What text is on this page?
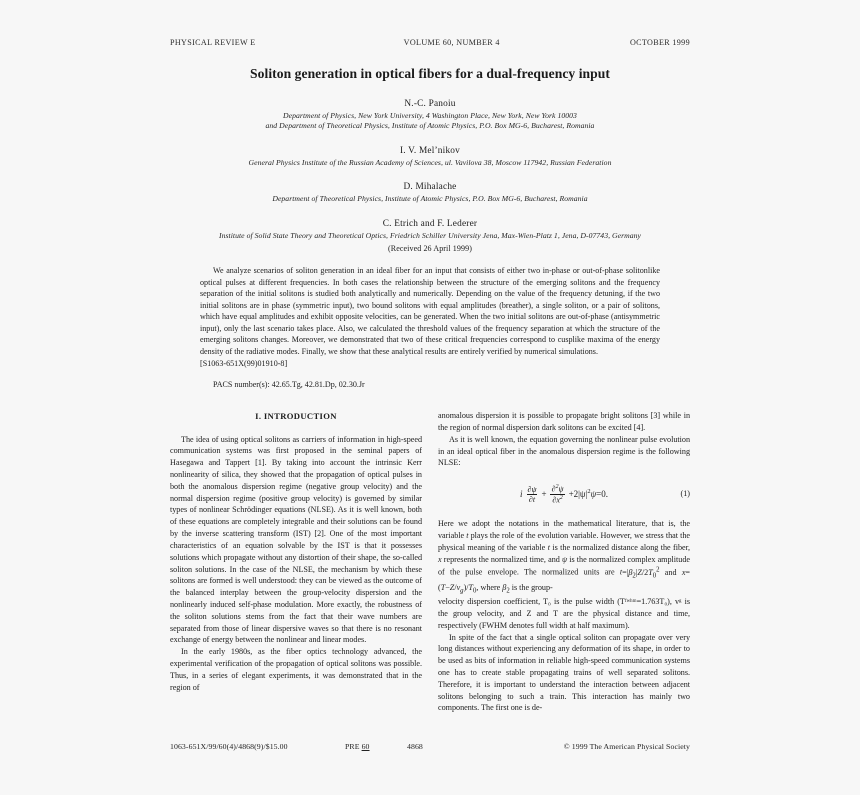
PHYSICAL REVIEW E	VOLUME 60, NUMBER 4	OCTOBER 1999
Soliton generation in optical fibers for a dual-frequency input
N.-C. Panoiu
Department of Physics, New York University, 4 Washington Place, New York, New York 10003
and Department of Theoretical Physics, Institute of Atomic Physics, P.O. Box MG-6, Bucharest, Romania
I. V. Mel’nikov
General Physics Institute of the Russian Academy of Sciences, ul. Vavilova 38, Moscow 117942, Russian Federation
D. Mihalache
Department of Theoretical Physics, Institute of Atomic Physics, P.O. Box MG-6, Bucharest, Romania
C. Etrich and F. Lederer
Institute of Solid State Theory and Theoretical Optics, Friedrich Schiller University Jena, Max-Wien-Platz 1, Jena, D-07743, Germany
(Received 26 April 1999)

We analyze scenarios of soliton generation in an ideal fiber for an input that consists of either two in-phase or out-of-phase solitonlike optical pulses at different frequencies. In both cases the relationship between the structure of the emerging solitons and the frequency separation of the initial solitons is studied both analytically and numerically. Depending on the value of the frequency detuning, if the two initial solitons are in phase (symmetric input), two bound solitons with equal amplitudes (breather), a single soliton, or a pair of solitons, which have equal amplitudes and exhibit opposite velocities, can be generated. When the two initial solitons are out-of-phase (antisymmetric input), only the last scenario takes place. Also, we calculated the threshold values of the frequency separation at which the structure of the emerging solitons changes. Moreover, we demonstrated that two of these critical frequencies correspond to cusplike maxima of the energy density of the radiative modes. Finally, we show that these analytical results are entirely verified by numerical simulations.

[S1063-651X(99)01910-8]

PACS number(s): 42.65.Tg, 42.81.Dp, 02.30.Jr
I. INTRODUCTION

The idea of using optical solitons as carriers of information in high-speed communication systems was first proposed in the seminal papers of Hasegawa and Tappert [1]. By taking into account the intrinsic Kerr nonlinearity of silica, they showed that the propagation of optical pulses in both the anomalous dispersion regime (negative group velocity) and the normal dispersion regime (positive group velocity) is governed by similar types of nonlinear Schrödinger equations (NLSE). As it is well known, both of these equations are completely integrable and their solutions can be found by the inverse scattering transform (IST) [2]. One of the most important characteristics of an equation solvable by the IST is that it possesses solutions which propagate without any distortion of their shape, the so-called soliton solutions. In the case of the NLSE, the mechanism by which these solitons are formed is well understood: they can be viewed as the outcome of the balanced interplay between the group-velocity dispersion and the nonlinearly induced self-phase modulation. More exactly, the robustness of the soliton solutions stems from the fact that their wave numbers are separated from those of linear dispersive waves so that there is no resonant exchange of energy between the nonlinear and linear modes.

In the early 1980s, as the fiber optics technology advanced, the experimental verification of the propagation of optical solitons was possible. Thus, in a series of elegant experiments, it was demonstrated that in the region of

anomalous dispersion it is possible to propagate bright solitons [3] while in the region of normal dispersion dark solitons can be excited [4].

As it is well known, the equation governing the nonlinear pulse evolution in an ideal optical fiber in the anomalous dispersion regime is the following NLSE:

i $\frac{\partial\psi}{\partial t} + \frac{\partial^2\psi}{\partial x^2} +2|\psi|^2\psi=0$.	(1)

Here we adopt the notations in the mathematical literature, that is, the variable t plays the role of the evolution variable. However, we stress that the physical meaning of the variable t is the normalized distance along the fiber, x represents the normalized time, and ψ is the normalized complex amplitude of the pulse envelope. The normalized units are $t=|\beta_2|Z/2T_0^2$ and $x=(T-Z/v_g)/T_0$, where $\beta_2$ is the group-

velocity dispersion coefficient, T₀ is the pulse width (Tᶠʷʰᵐ=1.763T₀), vᵍ is the group velocity, and Z and T are the physical distance and time, respectively (FWHM denotes full width at half maximum).

In spite of the fact that a single optical soliton can propagate over very long distances without experiencing any deformation of its shape, in order to be used as bits of information in reliable high-speed communication systems one has to create stable propagating trains of well separated solitons. Therefore, it is important to understand the interaction between adjacent solitons belonging to such a train. This interaction has mainly two components. The first one is de-

1063-651X/99/60(4)/4868(9)/$15.00	PRE 60	4868	© 1999 The American Physical Society
